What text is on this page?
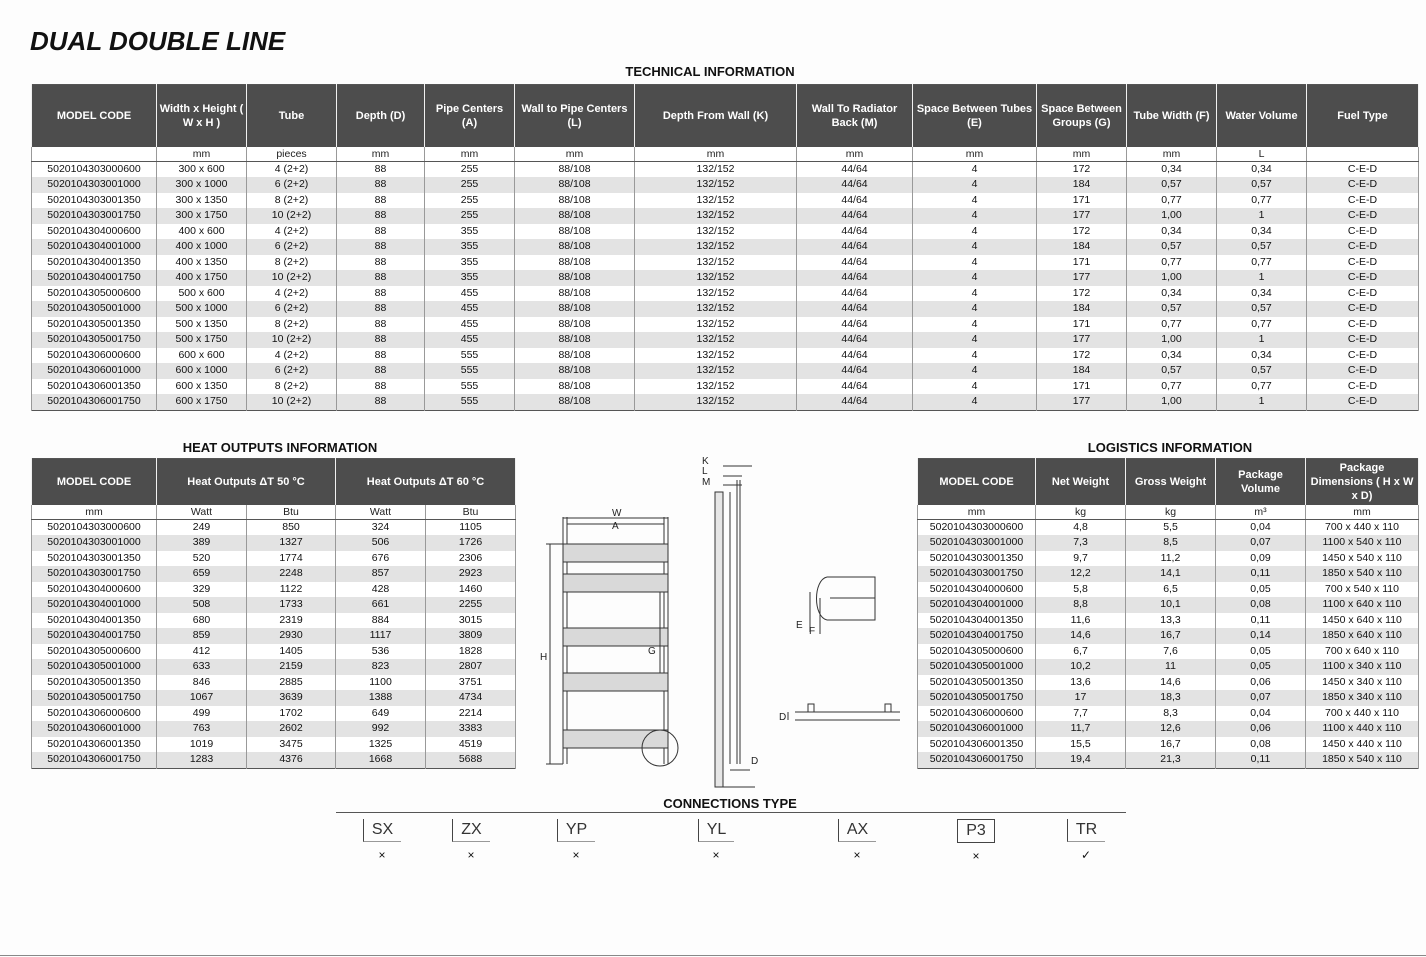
DUAL DOUBLE LINE
TECHNICAL INFORMATION
MODEL CODE	Width x Height ( W x H )	Tube	Depth (D)	Pipe Centers (A)	Wall to Pipe Centers (L)	Depth From Wall (K)	Wall To Radiator Back (M)	Space Between Tubes (E)	Space Between Groups (G)	Tube Width (F)	Water Volume	Fuel Type
	mm	pieces	mm	mm	mm	mm	mm	mm	mm	mm	L	
5020104303000600	300 x 600	4 (2+2)	88	255	88/108	132/152	44/64	4	172	0,34	0,34	C-E-D
5020104303001000	300 x 1000	6 (2+2)	88	255	88/108	132/152	44/64	4	184	0,57	0,57	C-E-D
5020104303001350	300 x 1350	8 (2+2)	88	255	88/108	132/152	44/64	4	171	0,77	0,77	C-E-D
5020104303001750	300 x 1750	10 (2+2)	88	255	88/108	132/152	44/64	4	177	1,00	1	C-E-D
5020104304000600	400 x 600	4 (2+2)	88	355	88/108	132/152	44/64	4	172	0,34	0,34	C-E-D
5020104304001000	400 x 1000	6 (2+2)	88	355	88/108	132/152	44/64	4	184	0,57	0,57	C-E-D
5020104304001350	400 x 1350	8 (2+2)	88	355	88/108	132/152	44/64	4	171	0,77	0,77	C-E-D
5020104304001750	400 x 1750	10 (2+2)	88	355	88/108	132/152	44/64	4	177	1,00	1	C-E-D
5020104305000600	500 x 600	4 (2+2)	88	455	88/108	132/152	44/64	4	172	0,34	0,34	C-E-D
5020104305001000	500 x 1000	6 (2+2)	88	455	88/108	132/152	44/64	4	184	0,57	0,57	C-E-D
5020104305001350	500 x 1350	8 (2+2)	88	455	88/108	132/152	44/64	4	171	0,77	0,77	C-E-D
5020104305001750	500 x 1750	10 (2+2)	88	455	88/108	132/152	44/64	4	177	1,00	1	C-E-D
5020104306000600	600 x 600	4 (2+2)	88	555	88/108	132/152	44/64	4	172	0,34	0,34	C-E-D
5020104306001000	600 x 1000	6 (2+2)	88	555	88/108	132/152	44/64	4	184	0,57	0,57	C-E-D
5020104306001350	600 x 1350	8 (2+2)	88	555	88/108	132/152	44/64	4	171	0,77	0,77	C-E-D
5020104306001750	600 x 1750	10 (2+2)	88	555	88/108	132/152	44/64	4	177	1,00	1	C-E-D
HEAT OUTPUTS INFORMATION
MODEL CODE	Heat Outputs ΔT 50 °C		Heat Outputs ΔT 60 °C	
mm	Watt	Btu	Watt	Btu
5020104303000600	249	850	324	1105
5020104303001000	389	1327	506	1726
5020104303001350	520	1774	676	2306
5020104303001750	659	2248	857	2923
5020104304000600	329	1122	428	1460
5020104304001000	508	1733	661	2255
5020104304001350	680	2319	884	3015
5020104304001750	859	2930	1117	3809
5020104305000600	412	1405	536	1828
5020104305001000	633	2159	823	2807
5020104305001350	846	2885	1100	3751
5020104305001750	1067	3639	1388	4734
5020104306000600	499	1702	649	2214
5020104306001000	763	2602	992	3383
5020104306001350	1019	3475	1325	4519
5020104306001750	1283	4376	1668	5688
LOGISTICS INFORMATION
MODEL CODE	Net Weight	Gross Weight	Package Volume	Package Dimensions ( H x W x D)
mm	kg	kg	m³	mm
5020104303000600	4,8	5,5	0,04	700 x 440 x 110
5020104303001000	7,3	8,5	0,07	1100 x 540 x 110
5020104303001350	9,7	11,2	0,09	1450 x 540 x 110
5020104303001750	12,2	14,1	0,11	1850 x 540 x 110
5020104304000600	5,8	6,5	0,05	700 x 540 x 110
5020104304001000	8,8	10,1	0,08	1100 x 640 x 110
5020104304001350	11,6	13,3	0,11	1450 x 640 x 110
5020104304001750	14,6	16,7	0,14	1850 x 640 x 110
5020104305000600	6,7	7,6	0,05	700 x 640 x 110
5020104305001000	10,2	11	0,05	1100 x 340 x 110
5020104305001350	13,6	14,6	0,06	1450 x 340 x 110
5020104305001750	17	18,3	0,07	1850 x 340 x 110
5020104306000600	7,7	8,3	0,04	700 x 440 x 110
5020104306001000	11,7	12,6	0,06	1100 x 440 x 110
5020104306001350	15,5	16,7	0,08	1450 x 440 x 110
5020104306001750	19,4	21,3	0,11	1850 x 540 x 110
W
A
H
G
K
L
M
D
E
F
D
CONNECTIONS TYPE
SX
×
ZX
×
YP
×
YL
×
AX
×
P3
×
TR
✓
